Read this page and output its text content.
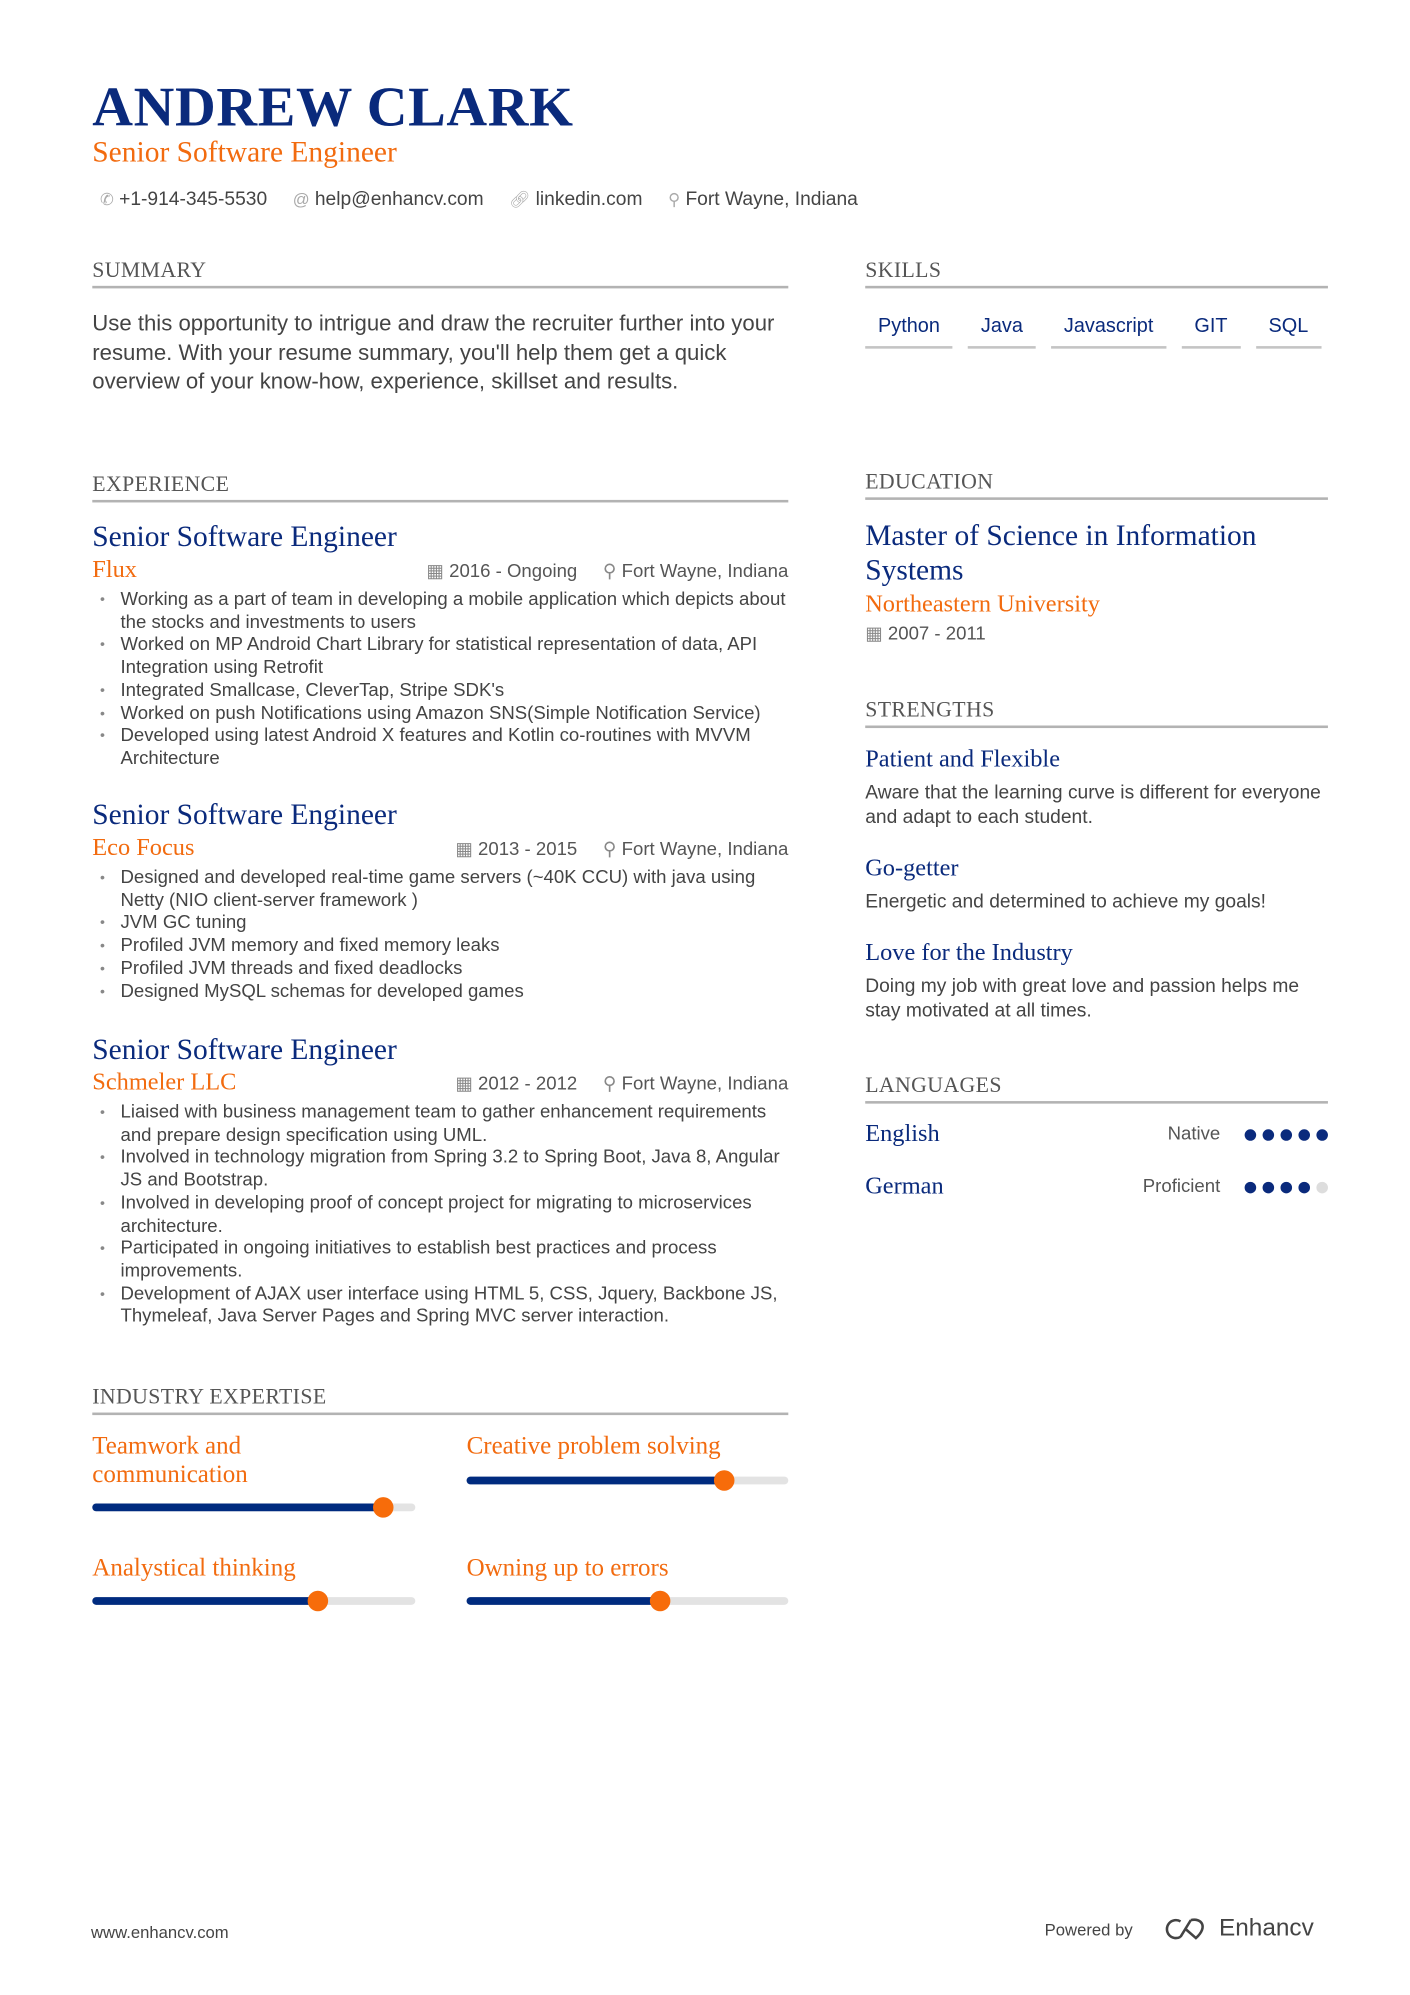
ANDREW CLARK
Senior Software Engineer
✆ +1-914-345-5530 @ help@enhancv.com 🔗︎ linkedin.com ⚲ Fort Wayne, Indiana
SUMMARY
Use this opportunity to intrigue and draw the recruiter further into your resume. With your resume summary, you'll help them get a quick overview of your know-how, experience, skillset and results.
EXPERIENCE
Senior Software Engineer
Flux	▦ 2016 - Ongoing ⚲ Fort Wayne, Indiana
• Working as a part of team in developing a mobile application which depicts about the stocks and investments to users
• Worked on MP Android Chart Library for statistical representation of data, API Integration using Retrofit
• Integrated Smallcase, CleverTap, Stripe SDK's
• Worked on push Notifications using Amazon SNS(Simple Notification Service)
• Developed using latest Android X features and Kotlin co-routines with MVVM Architecture
Senior Software Engineer
Eco Focus	▦ 2013 - 2015 ⚲ Fort Wayne, Indiana
• Designed and developed real-time game servers (~40K CCU) with java using Netty (NIO client-server framework )
• JVM GC tuning
• Profiled JVM memory and fixed memory leaks
• Profiled JVM threads and fixed deadlocks
• Designed MySQL schemas for developed games
Senior Software Engineer
Schmeler LLC	▦ 2012 - 2012 ⚲ Fort Wayne, Indiana
• Liaised with business management team to gather enhancement requirements and prepare design specification using UML.
• Involved in technology migration from Spring 3.2 to Spring Boot, Java 8, Angular JS and Bootstrap.
• Involved in developing proof of concept project for migrating to microservices architecture.
• Participated in ongoing initiatives to establish best practices and process improvements.
• Development of AJAX user interface using HTML 5, CSS, Jquery, Backbone JS, Thymeleaf, Java Server Pages and Spring MVC server interaction.
INDUSTRY EXPERTISE
Teamwork and communication
Creative problem solving
Analystical thinking	Owning up to errors
SKILLS
Python	Java	Javascript	GIT	SQL
EDUCATION
Master of Science in Information Systems
Northeastern University
▦ 2007 - 2011
STRENGTHS
Patient and Flexible
Aware that the learning curve is different for everyone and adapt to each student.
Go-getter
Energetic and determined to achieve my goals!
Love for the Industry
Doing my job with great love and passion helps me stay motivated at all times.
LANGUAGES
English	Native
German	Proficient
www.enhancv.com	Powered by	Enhancv
